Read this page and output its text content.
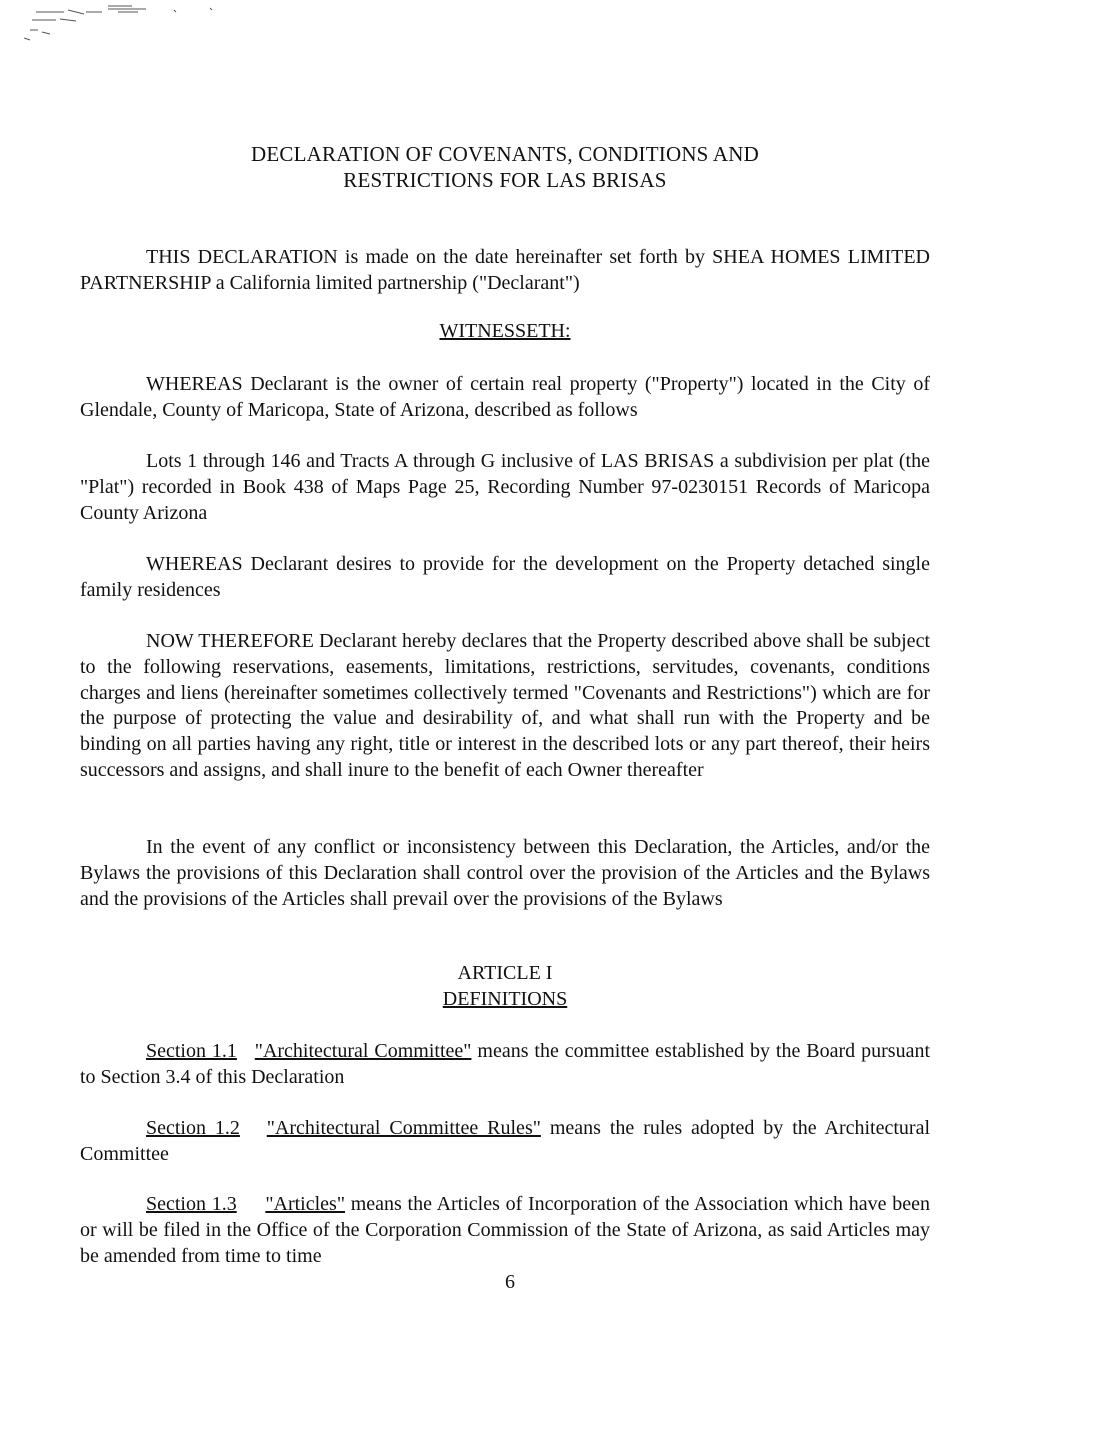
DECLARATION OF COVENANTS, CONDITIONS AND
RESTRICTIONS FOR LAS BRISAS

THIS DECLARATION is made on the date hereinafter set forth by SHEA HOMES LIMITED PARTNERSHIP a California limited partnership ("Declarant")

WITNESSETH:

WHEREAS Declarant is the owner of certain real property ("Property") located in the City of Glendale, County of Maricopa, State of Arizona, described as follows

Lots 1 through 146 and Tracts A through G inclusive of LAS BRISAS a subdivision per plat (the "Plat") recorded in Book 438 of Maps Page 25, Recording Number 97-0230151 Records of Maricopa County Arizona

WHEREAS Declarant desires to provide for the development on the Property detached single family residences

NOW THEREFORE Declarant hereby declares that the Property described above shall be subject to the following reservations, easements, limitations, restrictions, servitudes, covenants, conditions charges and liens (hereinafter sometimes collectively termed "Covenants and Restrictions") which are for the purpose of protecting the value and desirability of, and what shall run with the Property and be binding on all parties having any right, title or interest in the described lots or any part thereof, their heirs successors and assigns, and shall inure to the benefit of each Owner thereafter

In the event of any conflict or inconsistency between this Declaration, the Articles, and/or the Bylaws the provisions of this Declaration shall control over the provision of the Articles and the Bylaws and the provisions of the Articles shall prevail over the provisions of the Bylaws

ARTICLE I
DEFINITIONS

Section 1.1 "Architectural Committee" means the committee established by the Board pursuant to Section 3.4 of this Declaration

Section 1.2 "Architectural Committee Rules" means the rules adopted by the Architectural Committee

Section 1.3 "Articles" means the Articles of Incorporation of the Association which have been or will be filed in the Office of the Corporation Commission of the State of Arizona, as said Articles may be amended from time to time

6
